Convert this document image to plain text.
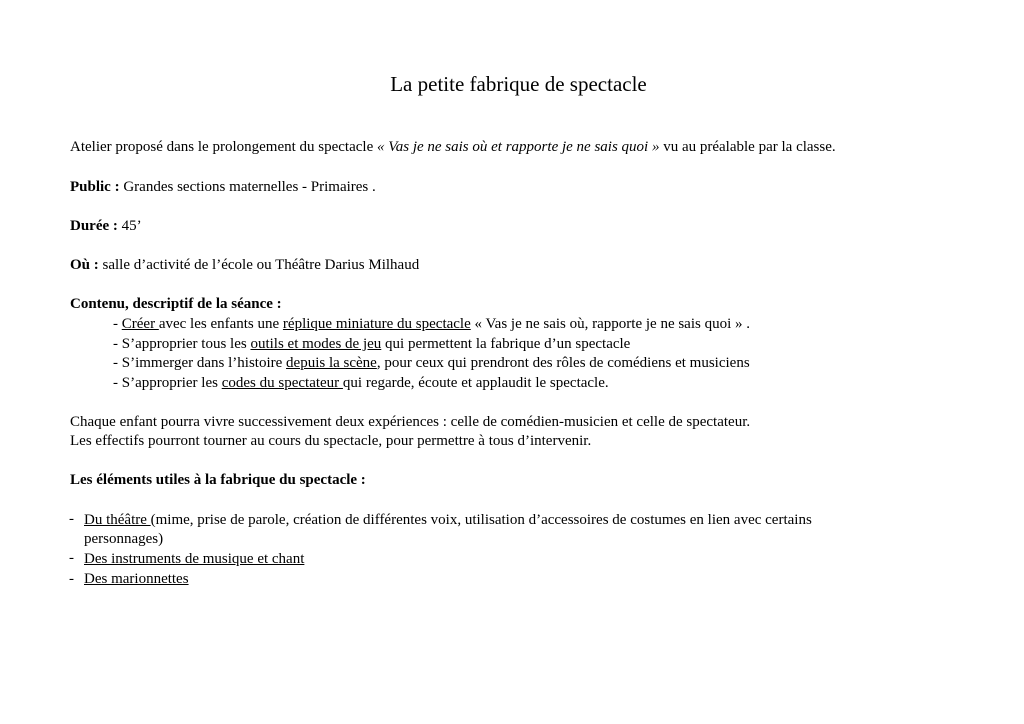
La petite fabrique de spectacle
Atelier proposé dans le prolongement du spectacle « Vas je ne sais où et rapporte je ne sais quoi » vu au préalable par la classe.
Public : Grandes sections maternelles - Primaires .
Durée : 45’
Où : salle d’activité de l’école ou Théâtre Darius Milhaud
Contenu, descriptif de la séance :
- Créer avec les enfants une réplique miniature du spectacle « Vas je ne sais où, rapporte je ne sais quoi » .
- S’approprier tous les outils et modes de jeu qui permettent la fabrique d’un spectacle
- S’immerger dans l’histoire depuis la scène, pour ceux qui prendront des rôles de comédiens et musiciens
- S’approprier les codes du spectateur qui regarde, écoute et applaudit le spectacle.
Chaque enfant pourra vivre successivement deux expériences : celle de comédien-musicien et celle de spectateur.
Les effectifs pourront tourner au cours du spectacle, pour permettre à tous d’intervenir.
Les éléments utiles à la fabrique du spectacle :
- Du théâtre (mime, prise de parole, création de différentes voix, utilisation d’accessoires de costumes en lien avec certains
personnages)
- Des instruments de musique et chant
- Des marionnettes
